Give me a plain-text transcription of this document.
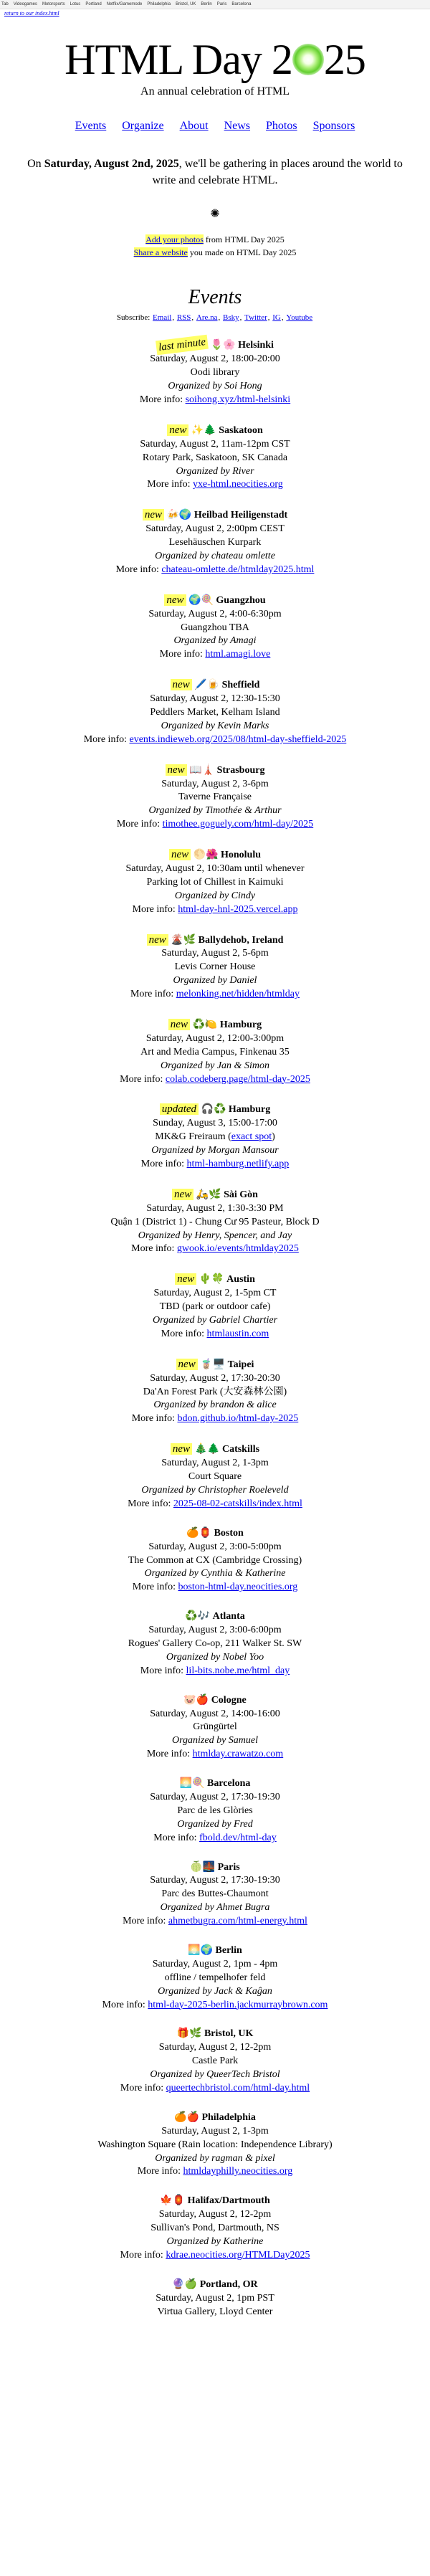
Tab Videogames Motorsports Lotus Portland Netflix/Gamemode Philadelphia Bristol, UK Berlin Paris Barcelona
return to our index.html
HTML Day 2 25
An annual celebration of HTML
Events Organize About News Photos Sponsors

On Saturday, August 2nd, 2025, we'll be gathering in places around the world to write and celebrate HTML.

✺
Add your photos from HTML Day 2025
Share a website you made on HTML Day 2025
Events
Subscribe: Email, RSS, Are.na, Bsky, Twitter, IG, Youtube
last minute 🌷🌸 Helsinki
Saturday, August 2, 18:00-20:00
Oodi library
Organized by Soi Hong
More info: soihong.xyz/html-helsinki
new ✨🌲 Saskatoon
Saturday, August 2, 11am-12pm CST
Rotary Park, Saskatoon, SK Canada
Organized by River
More info: yxe-html.neocities.org
new 🍻🌍 Heilbad Heiligenstadt
Saturday, August 2, 2:00pm CEST
Lesehäuschen Kurpark
Organized by chateau omlette
More info: chateau-omlette.de/htmlday2025.html
new 🌍🍭 Guangzhou
Saturday, August 2, 4:00-6:30pm
Guangzhou TBA
Organized by Amagi
More info: html.amagi.love
new 🖊️🍺 Sheffield
Saturday, August 2, 12:30-15:30
Peddlers Market, Kelham Island
Organized by Kevin Marks
More info: events.indieweb.org/2025/08/html-day-sheffield-2025
new 📖🗼 Strasbourg
Saturday, August 2, 3-6pm
Taverne Française
Organized by Timothée & Arthur
More info: timothee.goguely.com/html-day/2025
new 🌕🌺 Honolulu
Saturday, August 2, 10:30am until whenever
Parking lot of Chillest in Kaimuki
Organized by Cindy
More info: html-day-hnl-2025.vercel.app
new 🌋🌿 Ballydehob, Ireland
Saturday, August 2, 5-6pm
Levis Corner House
Organized by Daniel
More info: melonking.net/hidden/htmlday
new ♻️🍋 Hamburg
Saturday, August 2, 12:00-3:00pm
Art and Media Campus, Finkenau 35
Organized by Jan & Simon
More info: colab.codeberg.page/html-day-2025
updated 🎧♻️ Hamburg
Sunday, August 3, 15:00-17:00
MK&G Freiraum (exact spot)
Organized by Morgan Mansour
More info: html-hamburg.netlify.app
new 🛵🌿 Sài Gòn
Saturday, August 2, 1:30-3:30 PM
Quận 1 (District 1) - Chung Cư 95 Pasteur, Block D
Organized by Henry, Spencer, and Jay
More info: gwook.io/events/htmlday2025
new 🌵🍀 Austin
Saturday, August 2, 1-5pm CT
TBD (park or outdoor cafe)
Organized by Gabriel Chartier
More info: htmlaustin.com
new 🧋🖥️ Taipei
Saturday, August 2, 17:30-20:30
Da'An Forest Park (大安森林公園)
Organized by brandon & alice
More info: bdon.github.io/html-day-2025
new 🎄🌲 Catskills
Saturday, August 2, 1-3pm
Court Square
Organized by Christopher Roeleveld
More info: 2025-08-02-catskills/index.html
🍊🏮 Boston
Saturday, August 2, 3:00-5:00pm
The Common at CX (Cambridge Crossing)
Organized by Cynthia & Katherine
More info: boston-html-day.neocities.org
♻️🎶 Atlanta
Saturday, August 2, 3:00-6:00pm
Rogues' Gallery Co-op, 211 Walker St. SW
Organized by Nobel Yoo
More info: lil-bits.nobe.me/html_day
🐷🍎 Cologne
Saturday, August 2, 14:00-16:00
Grüngürtel
Organized by Samuel
More info: htmlday.crawatzo.com
🌅🍭 Barcelona
Saturday, August 2, 17:30-19:30
Parc de les Glòries
Organized by Fred
More info: fbold.dev/html-day
🍈🌉 Paris
Saturday, August 2, 17:30-19:30
Parc des Buttes-Chaumont
Organized by Ahmet Bugra
More info: ahmetbugra.com/html-energy.html
🌅🌍 Berlin
Saturday, August 2, 1pm - 4pm
offline / tempelhofer feld
Organized by Jack & Kaĝan
More info: html-day-2025-berlin.jackmurraybrown.com
🎁🌿 Bristol, UK
Saturday, August 2, 12-2pm
Castle Park
Organized by QueerTech Bristol
More info: queertechbristol.com/html-day.html
🍊🍎 Philadelphia
Saturday, August 2, 1-3pm
Washington Square (Rain location: Independence Library)
Organized by ragman & pixel
More info: htmldayphilly.neocities.org
🍁🏮 Halifax/Dartmouth
Saturday, August 2, 12-2pm
Sullivan's Pond, Dartmouth, NS
Organized by Katherine
More info: kdrae.neocities.org/HTMLDay2025
🔮🍏 Portland, OR
Saturday, August 2, 1pm PST
Virtua Gallery, Lloyd Center
